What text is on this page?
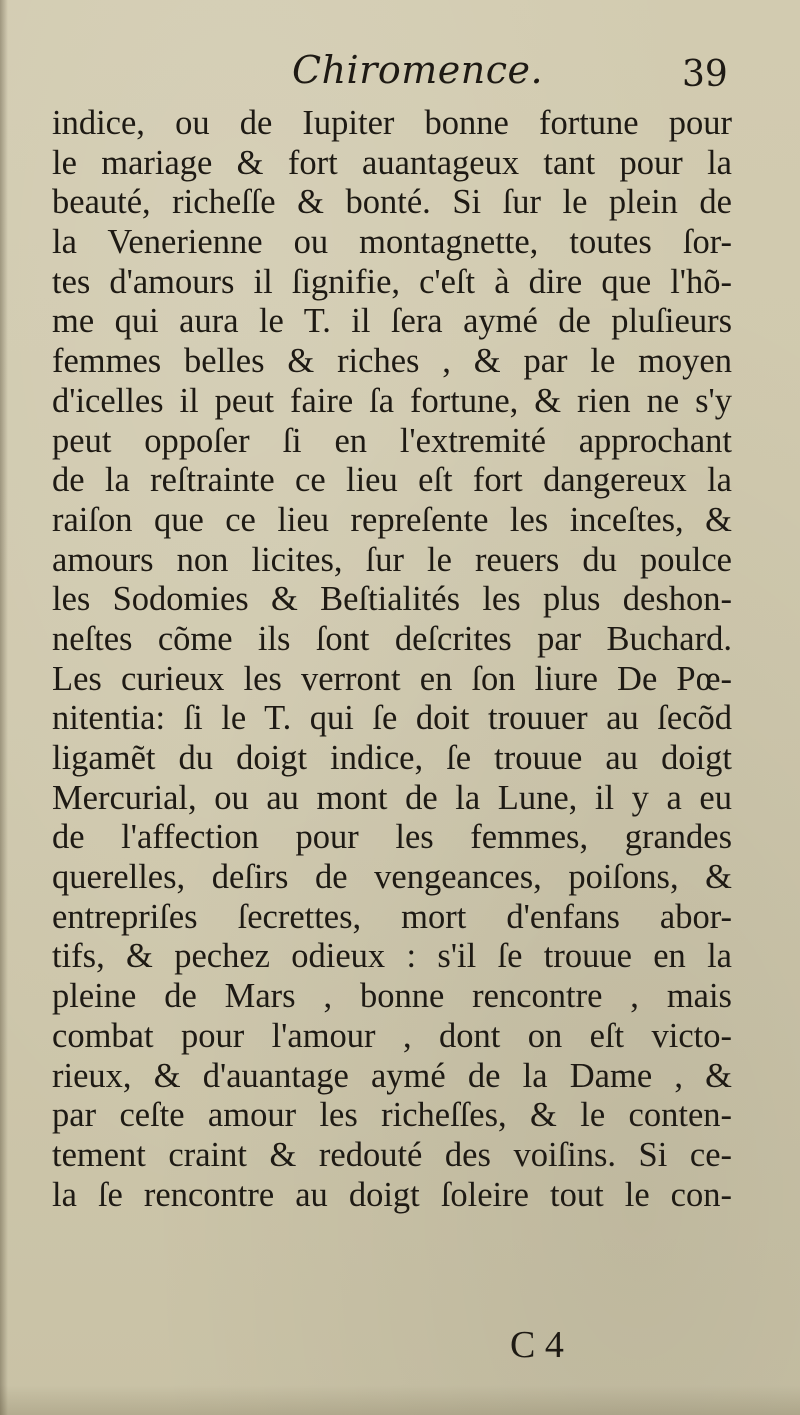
Chiromence.	39
indice, ou de Iupiter bonne fortune pour
le mariage & fort auantageux tant pour la
beauté, richeſſe & bonté. Si ſur le plein de
la Venerienne ou montagnette, toutes ſor-
tes d'amours il ſignifie, c'eſt à dire que l'hõ-
me qui aura le T. il ſera aymé de pluſieurs
femmes belles & riches , & par le moyen
d'icelles il peut faire ſa fortune, & rien ne s'y
peut oppoſer ſi en l'extremité approchant
de la reſtrainte ce lieu eſt fort dangereux la
raiſon que ce lieu repreſente les inceſtes, &
amours non licites, ſur le reuers du poulce
les Sodomies & Beſtialités les plus deshon-
neſtes cõme ils ſont deſcrites par Buchard.
Les curieux les verront en ſon liure De Pœ-
nitentia: ſi le T. qui ſe doit trouuer au ſecõd
ligamẽt du doigt indice, ſe trouue au doigt
Mercurial, ou au mont de la Lune, il y a eu
de l'affection pour les femmes, grandes
querelles, deſirs de vengeances, poiſons, &
entrepriſes ſecrettes, mort d'enfans abor-
tifs, & pechez odieux : s'il ſe trouue en la
pleine de Mars , bonne rencontre , mais
combat pour l'amour , dont on eſt victo-
rieux, & d'auantage aymé de la Dame , &
par ceſte amour les richeſſes, & le conten-
tement craint & redouté des voiſins. Si ce-
la ſe rencontre au doigt ſoleire tout le con-
C 4
